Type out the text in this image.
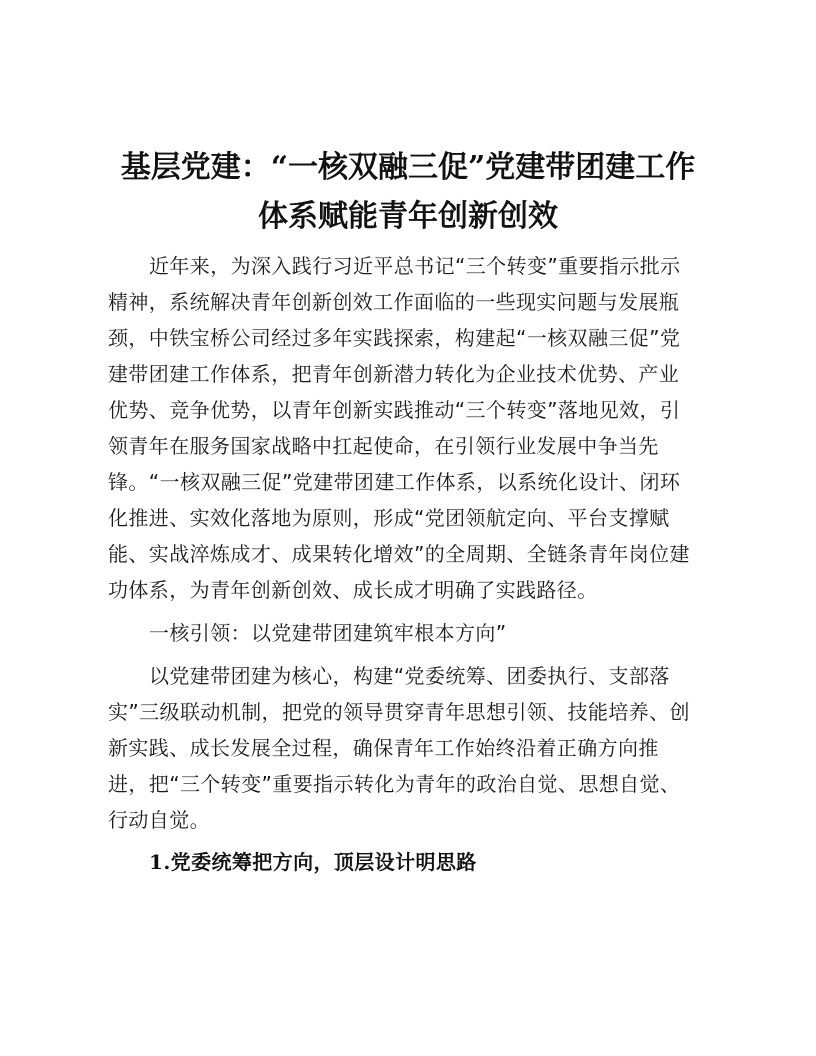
基层党建：“一核双融三促”党建带团建工作
体系赋能青年创新创效

近年来，为深入践行习近平总书记“三个转变”重要指示批示

精神，系统解决青年创新创效工作面临的一些现实问题与发展瓶

颈，中铁宝桥公司经过多年实践探索，构建起“一核双融三促”党

建带团建工作体系，把青年创新潜力转化为企业技术优势、产业

优势、竞争优势，以青年创新实践推动“三个转变”落地见效，引

领青年在服务国家战略中扛起使命，在引领行业发展中争当先

锋。“一核双融三促”党建带团建工作体系，以系统化设计、闭环

化推进、实效化落地为原则，形成“党团领航定向、平台支撑赋

能、实战淬炼成才、成果转化增效”的全周期、全链条青年岗位建

功体系，为青年创新创效、成长成才明确了实践路径。

一核引领：以党建带团建筑牢根本方向”

以党建带团建为核心，构建“党委统筹、团委执行、支部落

实”三级联动机制，把党的领导贯穿青年思想引领、技能培养、创

新实践、成长发展全过程，确保青年工作始终沿着正确方向推

进，把“三个转变”重要指示转化为青年的政治自觉、思想自觉、

行动自觉。

1.党委统筹把方向，顶层设计明思路
